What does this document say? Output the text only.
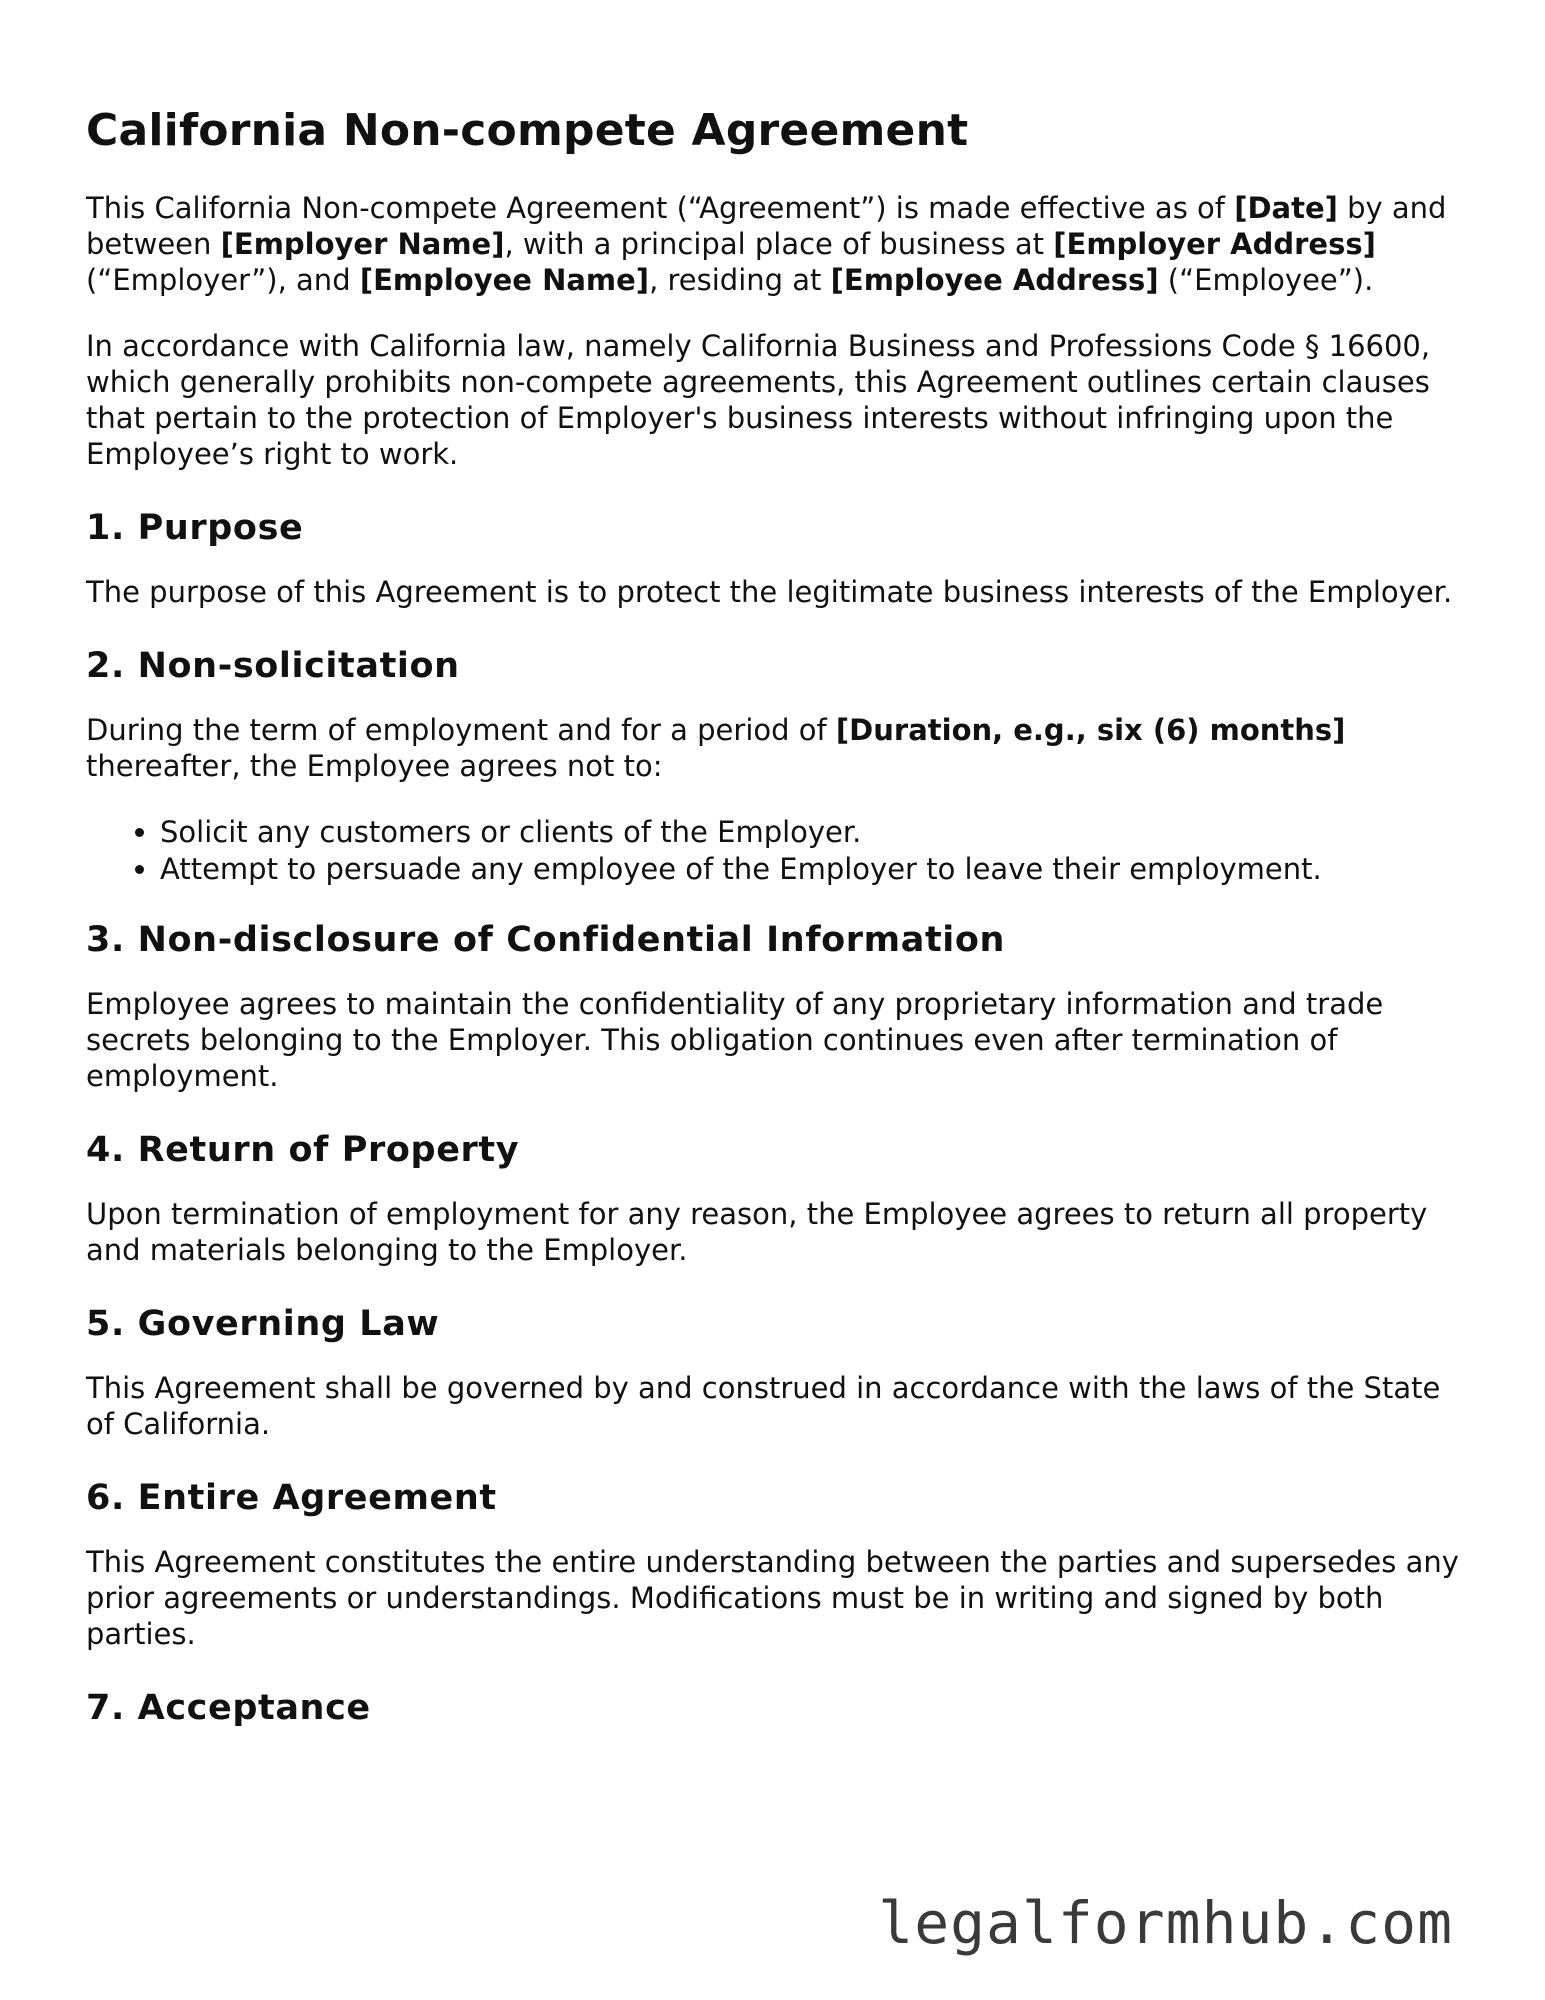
California Non-compete Agreement

This California Non-compete Agreement (“Agreement”) is made effective as of [Date] by and between [Employer Name], with a principal place of business at [Employer Address] (“Employer”), and [Employee Name], residing at [Employee Address] (“Employee”).

In accordance with California law, namely California Business and Professions Code § 16600, which generally prohibits non-compete agreements, this Agreement outlines certain clauses that pertain to the protection of Employer's business interests without infringing upon the Employee’s right to work.

1. Purpose

The purpose of this Agreement is to protect the legitimate business interests of the Employer.

2. Non-solicitation

During the term of employment and for a period of [Duration, e.g., six (6) months] thereafter, the Employee agrees not to:

• Solicit any customers or clients of the Employer.
• Attempt to persuade any employee of the Employer to leave their employment.
3. Non-disclosure of Confidential Information

Employee agrees to maintain the confidentiality of any proprietary information and trade secrets belonging to the Employer. This obligation continues even after termination of employment.

4. Return of Property

Upon termination of employment for any reason, the Employee agrees to return all property and materials belonging to the Employer.

5. Governing Law

This Agreement shall be governed by and construed in accordance with the laws of the State of California.

6. Entire Agreement

This Agreement constitutes the entire understanding between the parties and supersedes any prior agreements or understandings. Modifications must be in writing and signed by both parties.

7. Acceptance
legalformhub.com
